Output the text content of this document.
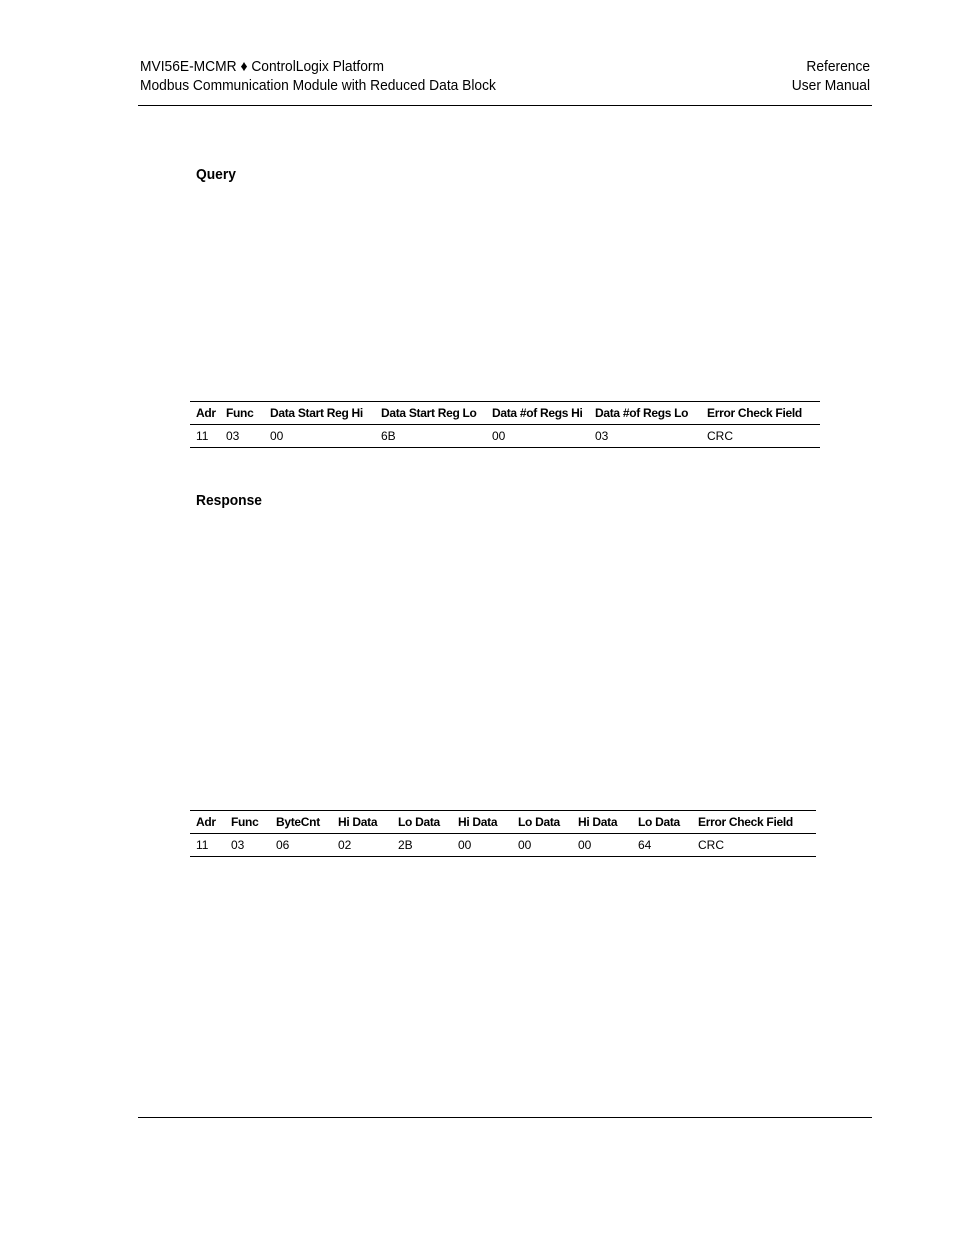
MVI56E-MCMR ♦ ControlLogix Platform
Modbus Communication Module with Reduced Data Block
Reference
User Manual
Query
Adr	Func	Data Start Reg Hi	Data Start Reg Lo	Data #of Regs Hi	Data #of Regs Lo	Error Check Field
11	03	00	6B	00	03	CRC
Response
Adr	Func	ByteCnt	Hi Data	Lo Data	Hi Data	Lo Data	Hi Data	Lo Data	Error Check Field
11	03	06	02	2B	00	00	00	64	CRC
